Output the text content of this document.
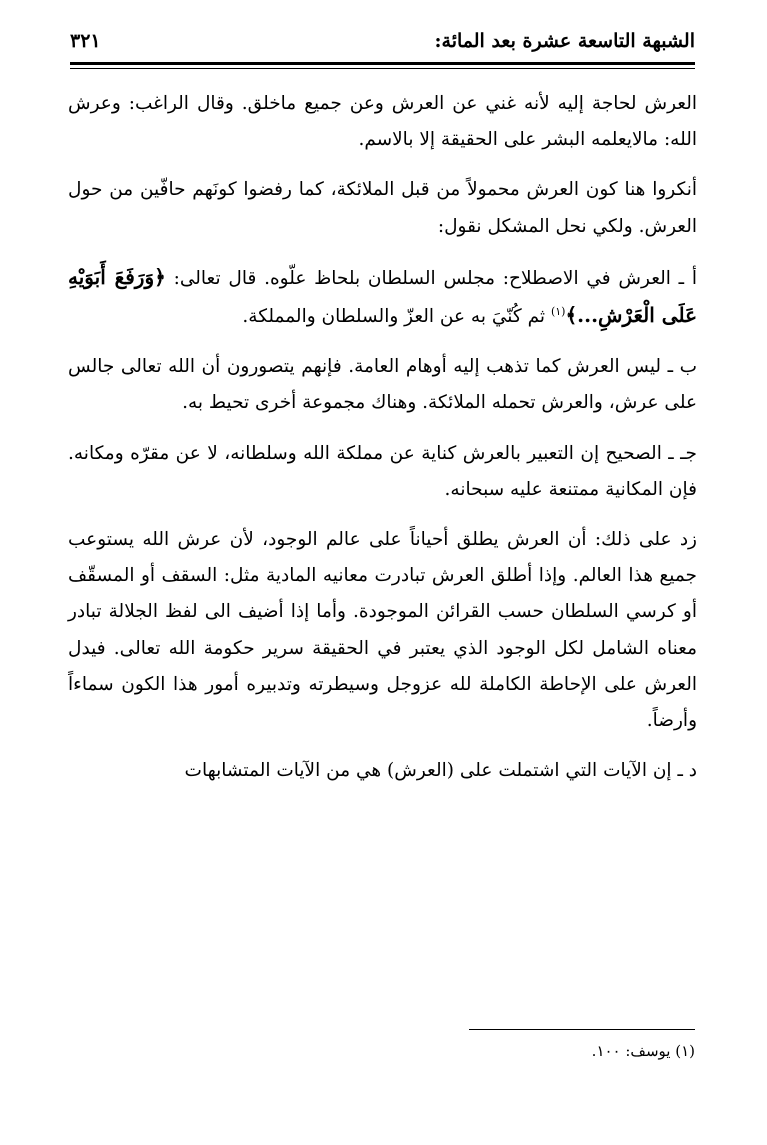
الشبهة التاسعة عشرة بعد المائة:
٣٢١

العرش لحاجة إليه لأنه غني عن العرش وعن جميع ماخلق. وقال الراغب: وعرش الله: مالايعلمه البشر على الحقيقة إلا بالاسم.

أنكروا هنا كون العرش محمولاً من قبل الملائكة، كما رفضوا كونَهم حافّين من حول العرش. ولكي نحل المشكل نقول:

أ ـ العرش في الاصطلاح: مجلس السلطان بلحاظ علّوه. قال تعالى: ﴿وَرَفَعَ أَبَوَيْهِ عَلَى الْعَرْشِ...﴾$^{(١)}$ ثم كُنّيَ به عن العزّ والسلطان والمملكة.

ب ـ ليس العرش كما تذهب إليه أوهام العامة. فإنهم يتصورون أن الله تعالى جالس على عرش، والعرش تحمله الملائكة. وهناك مجموعة أخرى تحيط به.

جـ ـ الصحيح إن التعبير بالعرش كناية عن مملكة الله وسلطانه، لا عن مقرّه ومكانه. فإن المكانية ممتنعة عليه سبحانه.

زد على ذلك: أن العرش يطلق أحياناً على عالم الوجود، لأن عرش الله يستوعب جميع هذا العالم. وإذا أطلق العرش تبادرت معانيه المادية مثل: السقف أو المسقّف أو كرسي السلطان حسب القرائن الموجودة. وأما إذا أضيف الى لفظ الجلالة تبادر معناه الشامل لكل الوجود الذي يعتبر في الحقيقة سرير حكومة الله تعالى. فيدل العرش على الإحاطة الكاملة لله عزوجل وسيطرته وتدبيره أمور هذا الكون سماءاً وأرضاً.

د ـ إن الآيات التي اشتملت على (العرش) هي من الآيات المتشابهات

(١) يوسف: ١٠٠.
